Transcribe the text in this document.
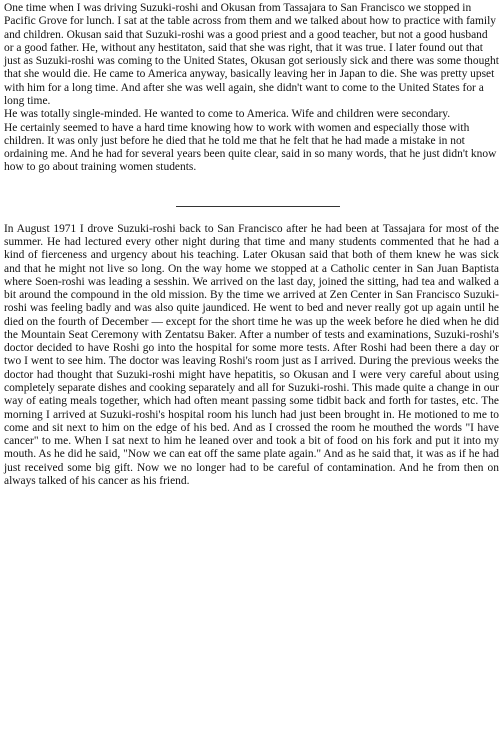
One time when I was driving Suzuki-roshi and Okusan from Tassajara to San Francisco we stopped in Pacific Grove for lunch. I sat at the table across from them and we talked about how to practice with family and children. Okusan said that Suzuki-roshi was a good priest and a good teacher, but not a good husband or a good father. He, without any hestitaton, said that she was right, that it was true. I later found out that just as Suzuki-roshi was coming to the United States, Okusan got seriously sick and there was some thought that she would die. He came to America anyway, basically leaving her in Japan to die. She was pretty upset with him for a long time. And after she was well again, she didn't want to come to the United States for a long time.

He was totally single-minded. He wanted to come to America. Wife and children were secondary.

He certainly seemed to have a hard time knowing how to work with women and especially those with children. It was only just before he died that he told me that he felt that he had made a mistake in not ordaining me. And he had for several years been quite clear, said in so many words, that he just didn't know how to go about training women students.

In August 1971 I drove Suzuki-roshi back to San Francisco after he had been at Tassajara for most of the summer. He had lectured every other night during that time and many students commented that he had a kind of fierceness and urgency about his teaching. Later Okusan said that both of them knew he was sick and that he might not live so long. On the way home we stopped at a Catholic center in San Juan Baptista where Soen-roshi was leading a sesshin. We arrived on the last day, joined the sitting, had tea and walked a bit around the compound in the old mission. By the time we arrived at Zen Center in San Francisco Suzuki-roshi was feeling badly and was also quite jaundiced. He went to bed and never really got up again until he died on the fourth of December — except for the short time he was up the week before he died when he did the Mountain Seat Ceremony with Zentatsu Baker. After a number of tests and examinations, Suzuki-roshi's doctor decided to have Roshi go into the hospital for some more tests. After Roshi had been there a day or two I went to see him. The doctor was leaving Roshi's room just as I arrived. During the previous weeks the doctor had thought that Suzuki-roshi might have hepatitis, so Okusan and I were very careful about using completely separate dishes and cooking separately and all for Suzuki-roshi. This made quite a change in our way of eating meals together, which had often meant passing some tidbit back and forth for tastes, etc. The morning I arrived at Suzuki-roshi's hospital room his lunch had just been brought in. He motioned to me to come and sit next to him on the edge of his bed. And as I crossed the room he mouthed the words "I have cancer" to me. When I sat next to him he leaned over and took a bit of food on his fork and put it into my mouth. As he did he said, "Now we can eat off the same plate again." And as he said that, it was as if he had just received some big gift. Now we no longer had to be careful of contamination. And he from then on always talked of his cancer as his friend.
